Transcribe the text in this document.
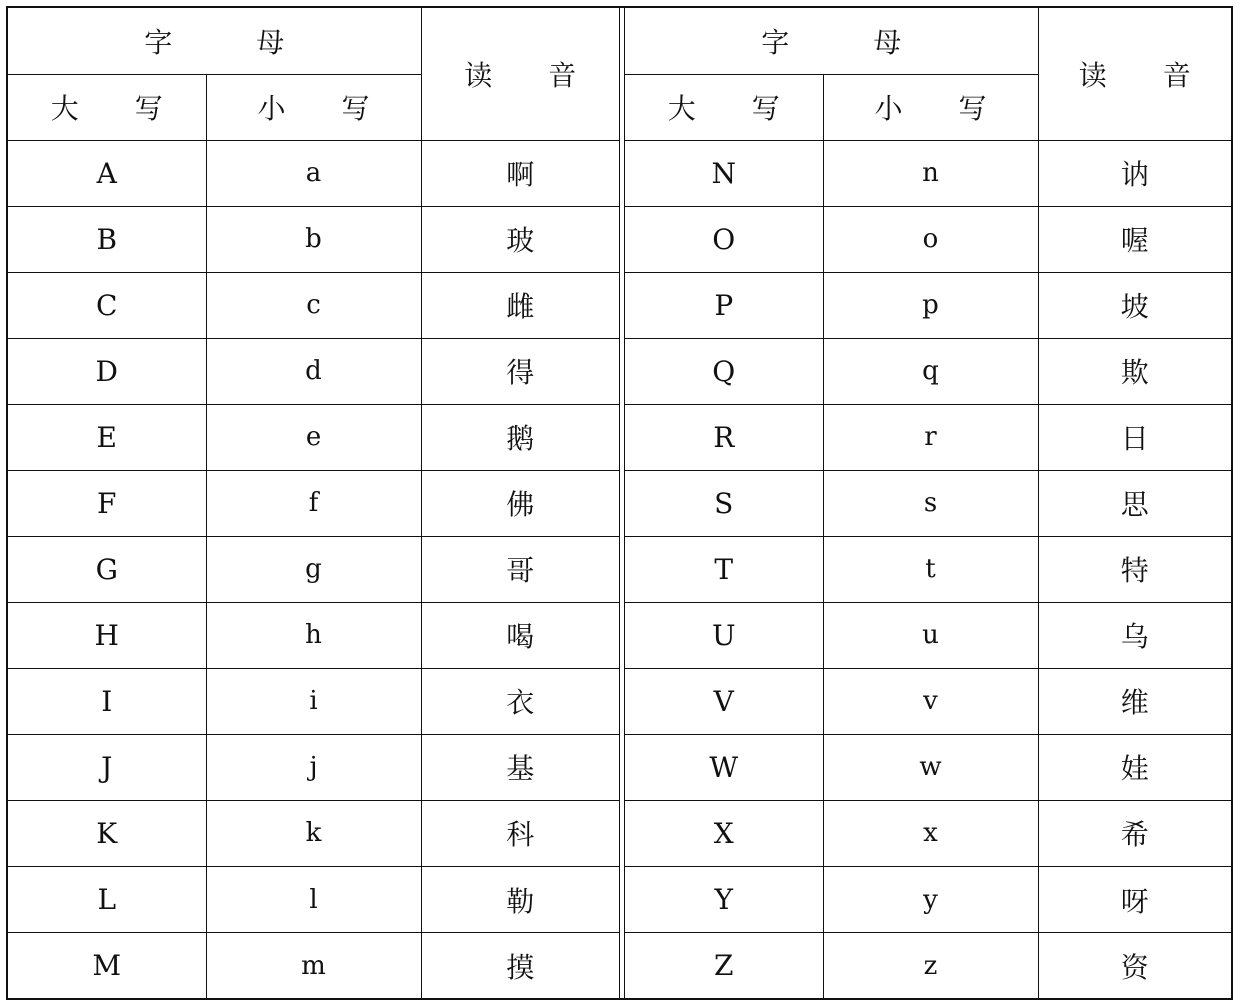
字　　　母		读　　音
大　　写	小　　写	
A	a	啊
B	b	玻
C	c	雌
D	d	得
E	e	鹅
F	f	佛
G	g	哥
H	h	喝
I	i	衣
J	j	基
K	k	科
L	l	勒
M	m	摸
字　　　母		读　　音
大　　写	小　　写	
N	n	讷
O	o	喔
P	p	坡
Q	q	欺
R	r	日
S	s	思
T	t	特
U	u	乌
V	v	维
W	w	娃
X	x	希
Y	y	呀
Z	z	资
